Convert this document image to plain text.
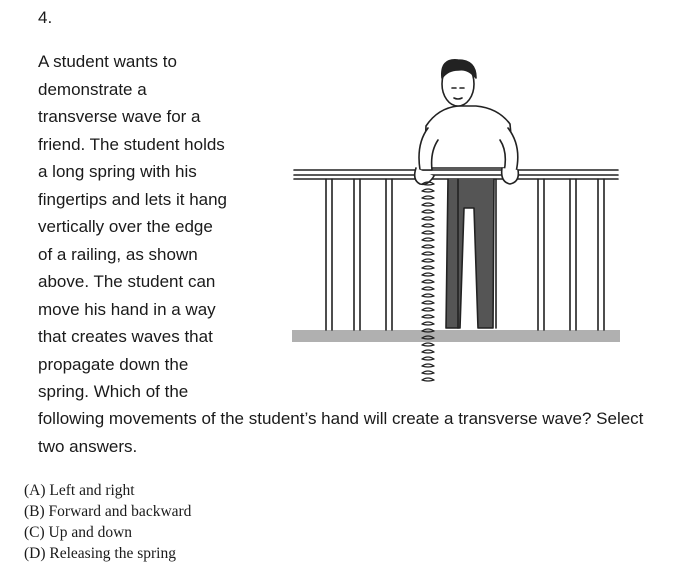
4.
A student wants to
demonstrate a
transverse wave for a
friend. The student holds
a long spring with his
fingertips and lets it hang
vertically over the edge
of a railing, as shown
above. The student can
move his hand in a way
that creates waves that
propagate down the
spring. Which of the
following movements of the student’s hand will create a transverse wave? Select
two answers.
(A) Left and right
(B) Forward and backward
(C) Up and down
(D) Releasing the spring
